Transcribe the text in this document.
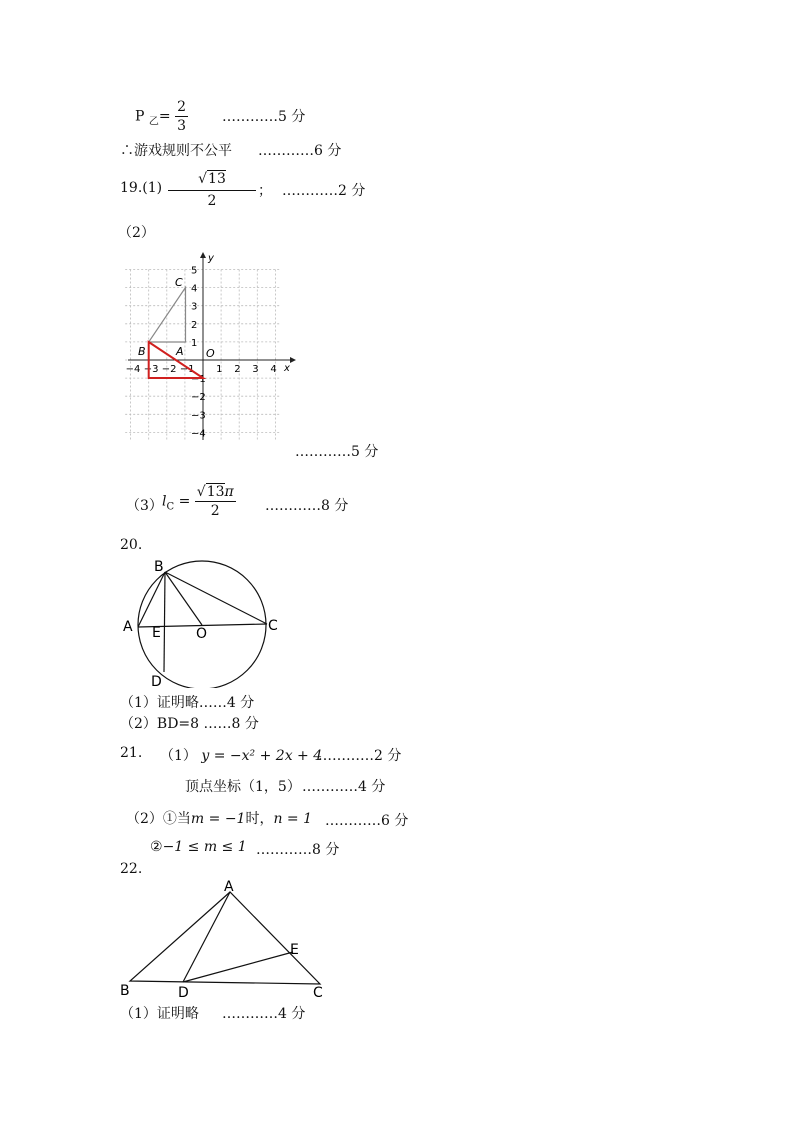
P $_乙= \frac{2}{3}$ …………5 分
∴游戏规则不公平 …………6 分
19.(1)
√13
2
； …………2 分
（2）
x
y
O
−4 −3 −2 −1 1 2 3 4
5
4
3
2
1
−1
−2
−3
−4
C
A
B
…………5 分
（3） $l_C = \frac{√13\pi}{2}$ …………8 分
20.
B
A E	O	C
D
（1）证明略……4 分
（2）BD=8 ……8 分
21. （1） y = −x² + 2x + 4
…………2 分
顶点坐标（1，5） …………4 分
（2）①当m = −1时，n = 1 …………6 分
②−1 ≤ m ≤ 1 …………8 分
22.
A
E
B	D	C
（1）证明略 …………4 分
